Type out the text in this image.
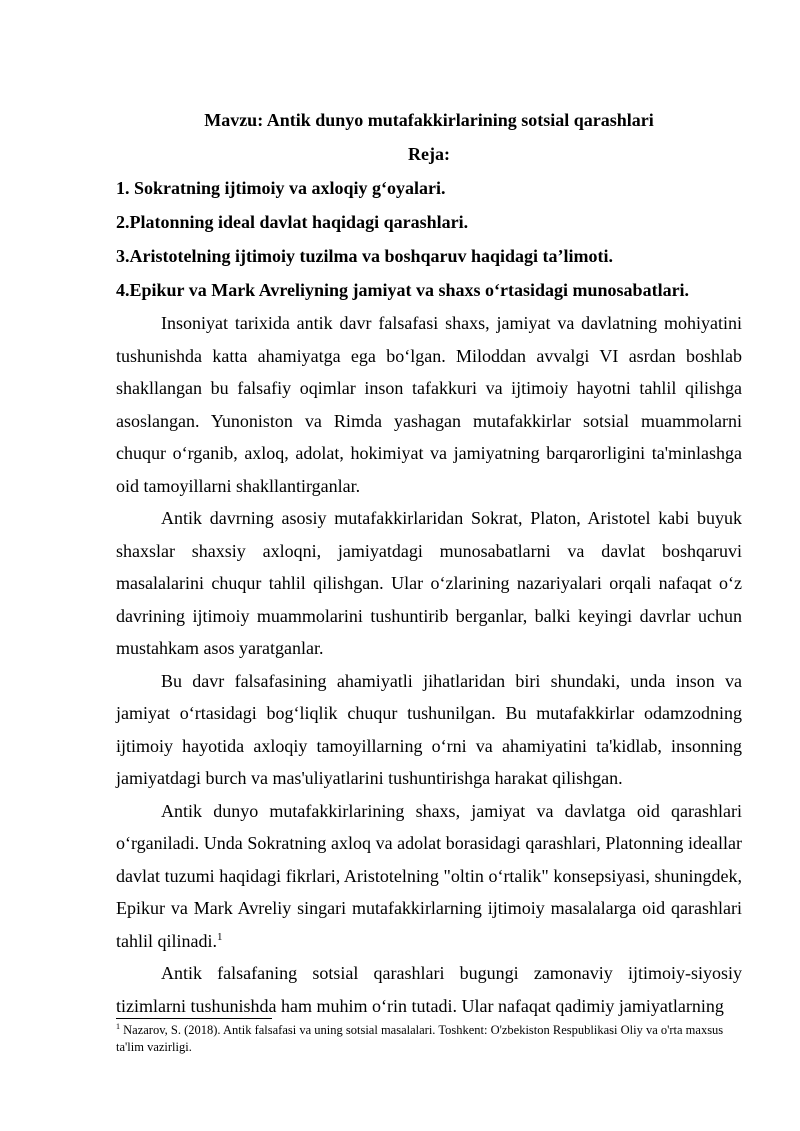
Mavzu: Antik dunyo mutafakkirlarining sotsial qarashlari
Reja:
1. Sokratning ijtimoiy va axloqiy g‘oyalari.
2.Platonning ideal davlat haqidagi qarashlari.
3.Aristotelning ijtimoiy tuzilma va boshqaruv haqidagi ta’limoti.
4.Epikur va Mark Avreliyning jamiyat va shaxs o‘rtasidagi munosabatlari.

Insoniyat tarixida antik davr falsafasi shaxs, jamiyat va davlatning mohiyatini tushunishda katta ahamiyatga ega bo‘lgan. Miloddan avvalgi VI asrdan boshlab shakllangan bu falsafiy oqimlar inson tafakkuri va ijtimoiy hayotni tahlil qilishga asoslangan. Yunoniston va Rimda yashagan mutafakkirlar sotsial muammolarni chuqur o‘rganib, axloq, adolat, hokimiyat va jamiyatning barqarorligini ta'minlashga oid tamoyillarni shakllantirganlar.

Antik davrning asosiy mutafakkirlaridan Sokrat, Platon, Aristotel kabi buyuk shaxslar shaxsiy axloqni, jamiyatdagi munosabatlarni va davlat boshqaruvi masalalarini chuqur tahlil qilishgan. Ular o‘zlarining nazariyalari orqali nafaqat o‘z davrining ijtimoiy muammolarini tushuntirib berganlar, balki keyingi davrlar uchun mustahkam asos yaratganlar.

Bu davr falsafasining ahamiyatli jihatlaridan biri shundaki, unda inson va jamiyat o‘rtasidagi bog‘liqlik chuqur tushunilgan. Bu mutafakkirlar odamzodning ijtimoiy hayotida axloqiy tamoyillarning o‘rni va ahamiyatini ta'kidlab, insonning jamiyatdagi burch va mas'uliyatlarini tushuntirishga harakat qilishgan.

Antik dunyo mutafakkirlarining shaxs, jamiyat va davlatga oid qarashlari o‘rganiladi. Unda Sokratning axloq va adolat borasidagi qarashlari, Platonning ideallar davlat tuzumi haqidagi fikrlari, Aristotelning "oltin o‘rtalik" konsepsiyasi, shuningdek, Epikur va Mark Avreliy singari mutafakkirlarning ijtimoiy masalalarga oid qarashlari tahlil qilinadi.$^1$

Antik falsafaning sotsial qarashlari bugungi zamonaviy ijtimoiy-siyosiy tizimlarni tushunishda ham muhim o‘rin tutadi. Ular nafaqat qadimiy jamiyatlarning

$^1$ Nazarov, S. (2018). Antik falsafasi va uning sotsial masalalari. Toshkent: O'zbekiston Respublikasi Oliy va o'rta maxsus ta'lim vazirligi.
